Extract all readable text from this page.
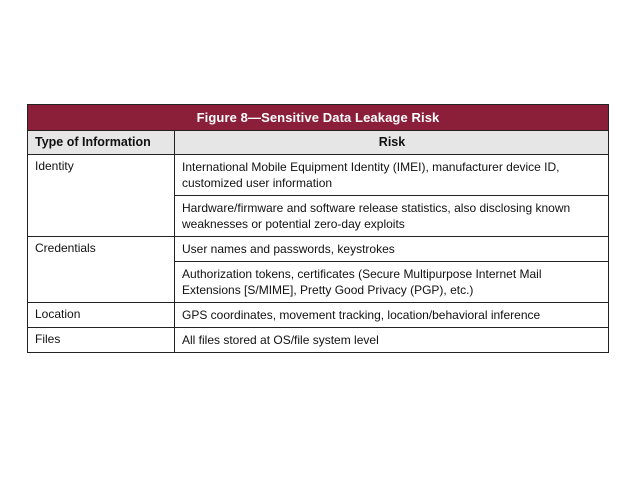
Figure 8—Sensitive Data Leakage Risk
Type of Information	Risk
Identity	International Mobile Equipment Identity (IMEI), manufacturer device ID, customized user information
	Hardware/firmware and software release statistics, also disclosing known weaknesses or potential zero-day exploits
Credentials	User names and passwords, keystrokes
	Authorization tokens, certificates (Secure Multipurpose Internet Mail Extensions [S/MIME], Pretty Good Privacy (PGP), etc.)
Location	GPS coordinates, movement tracking, location/behavioral inference
Files	All files stored at OS/file system level
